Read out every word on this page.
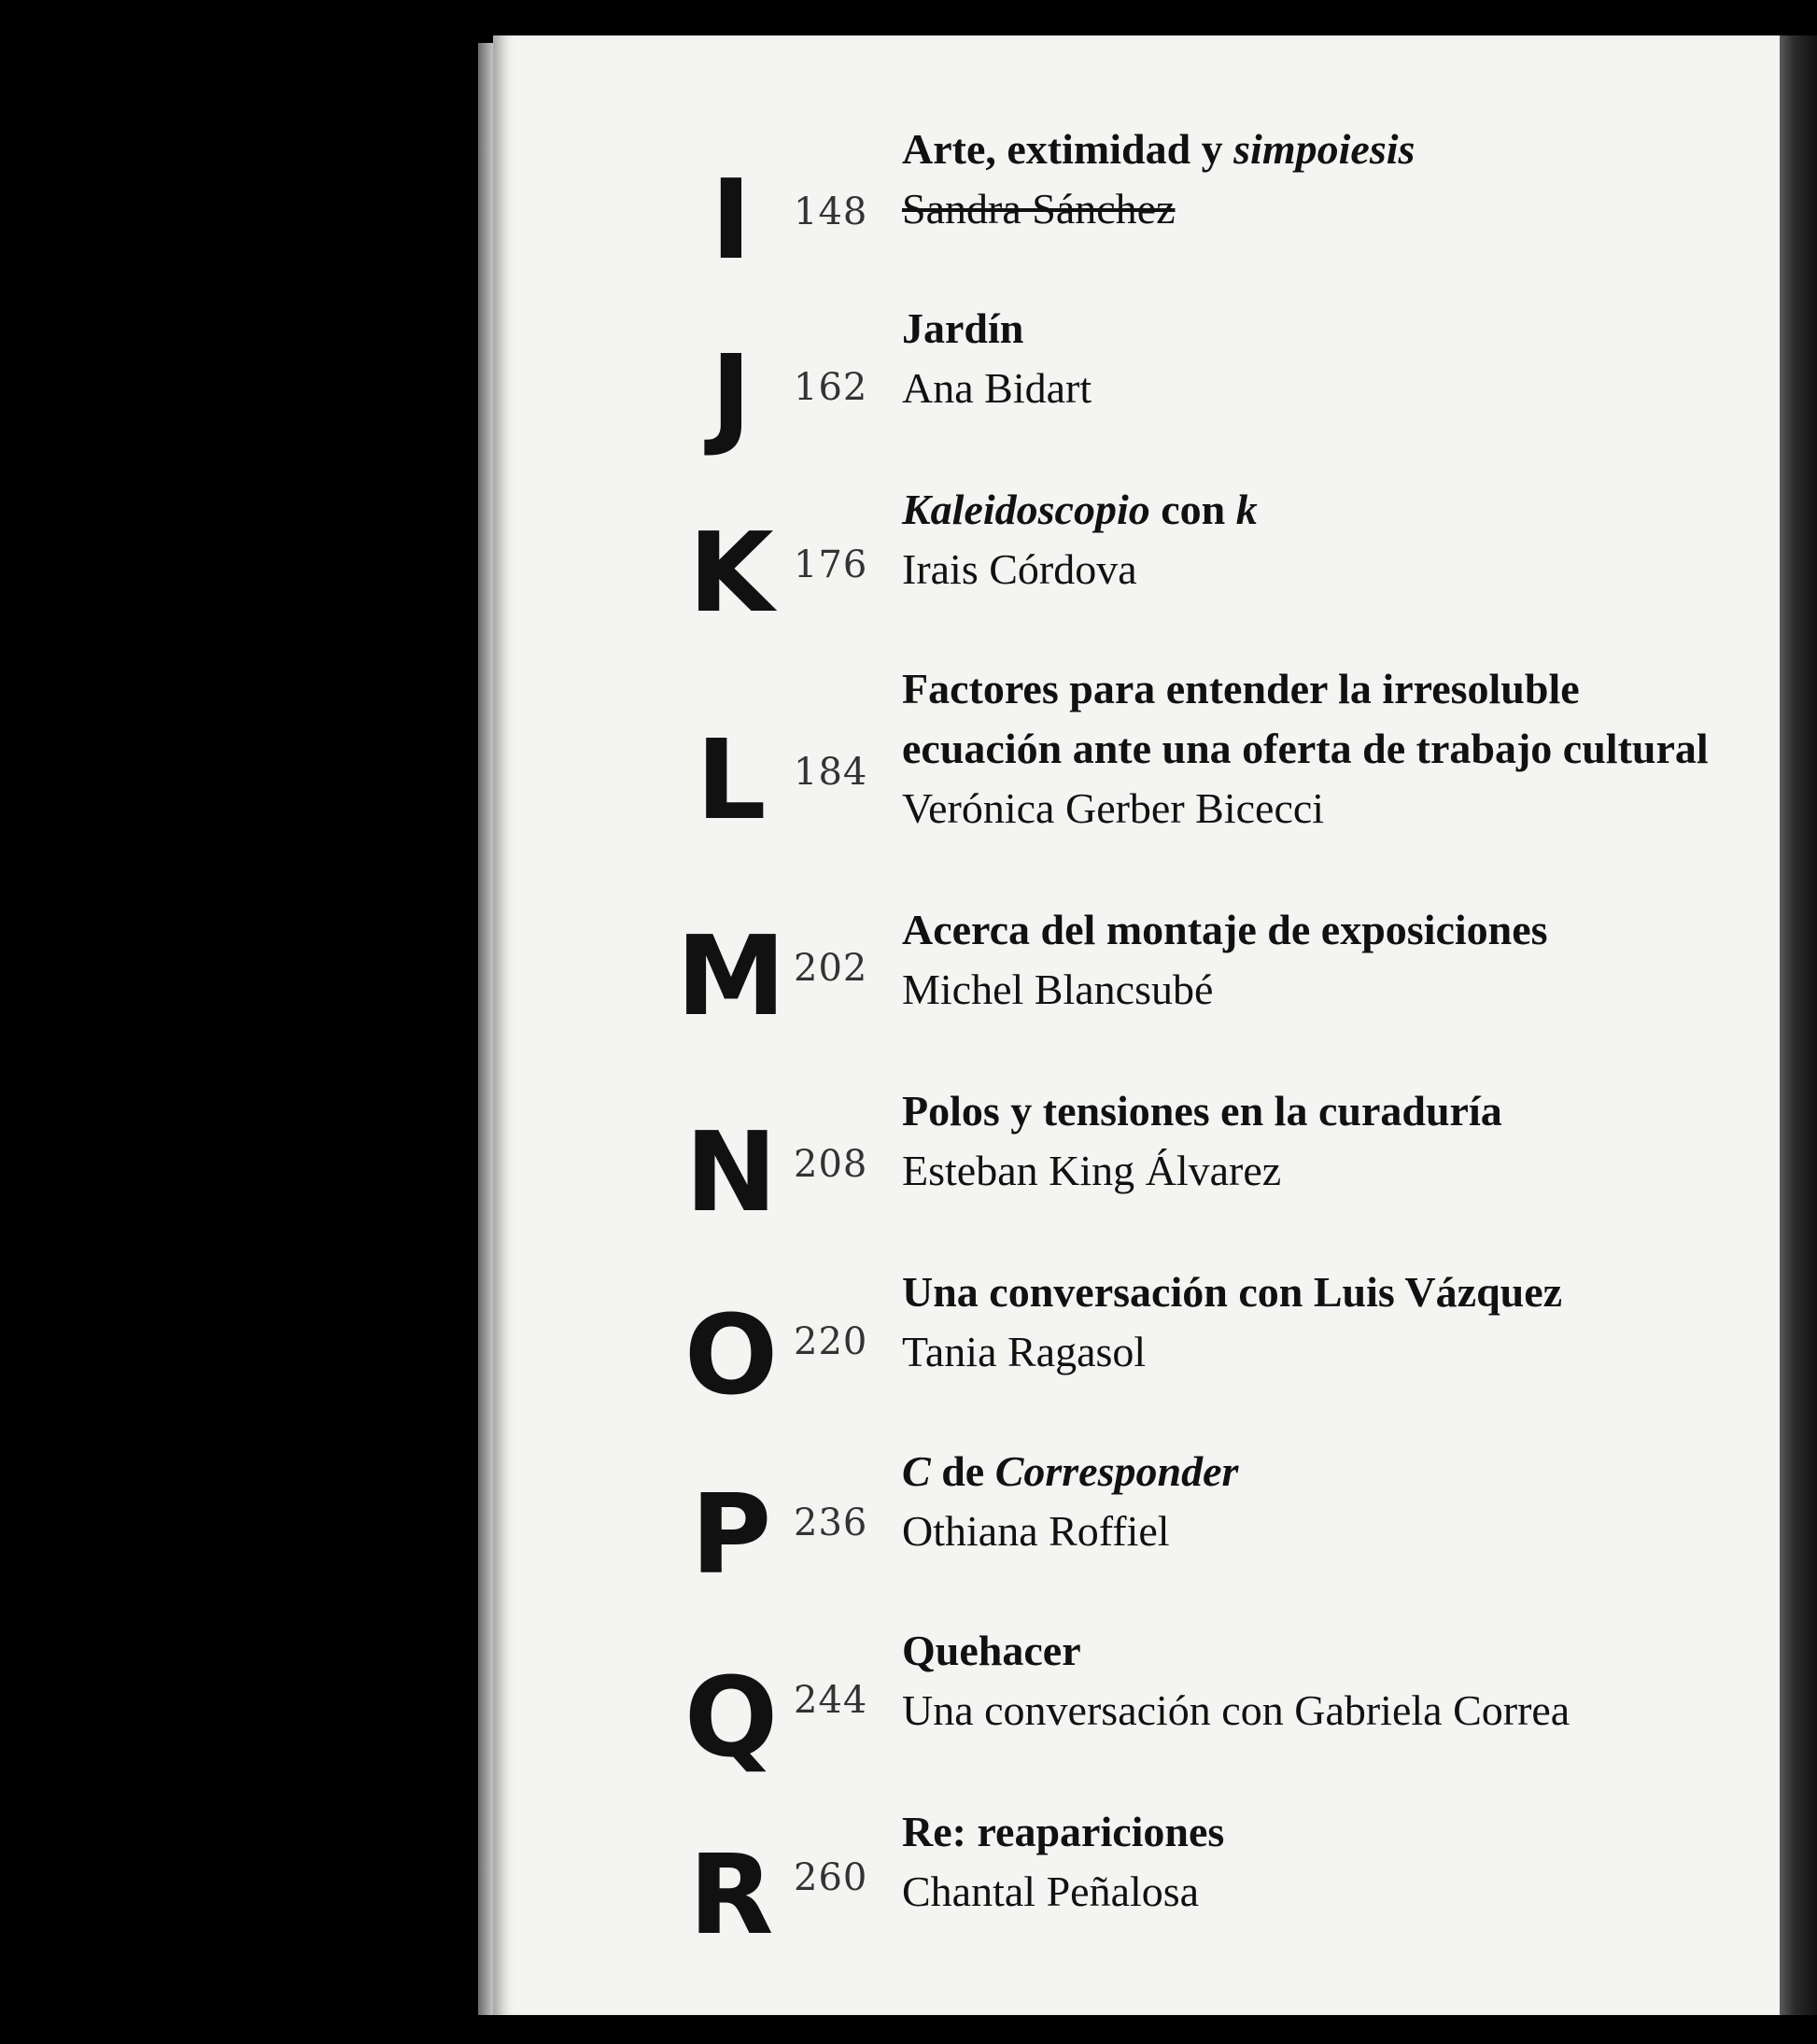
I	148
Arte, extimidad y simpoiesis
Sandra Sánchez
J	162
Jardín
Ana Bidart
K 176
Kaleidoscopio con k
Irais Córdova
L 184
Factores para entender la irresoluble
ecuación ante una oferta de trabajo cultural
Verónica Gerber Bicecci
M 202
Acerca del montaje de exposiciones
Michel Blancsubé
N 208
Polos y tensiones en la curaduría
Esteban King Álvarez
O 220
Una conversación con Luis Vázquez
Tania Ragasol
P 236
C de Corresponder
Othiana Roffiel
Q 244
Quehacer
Una conversación con Gabriela Correa
R 260
Re: reapariciones
Chantal Peñalosa
